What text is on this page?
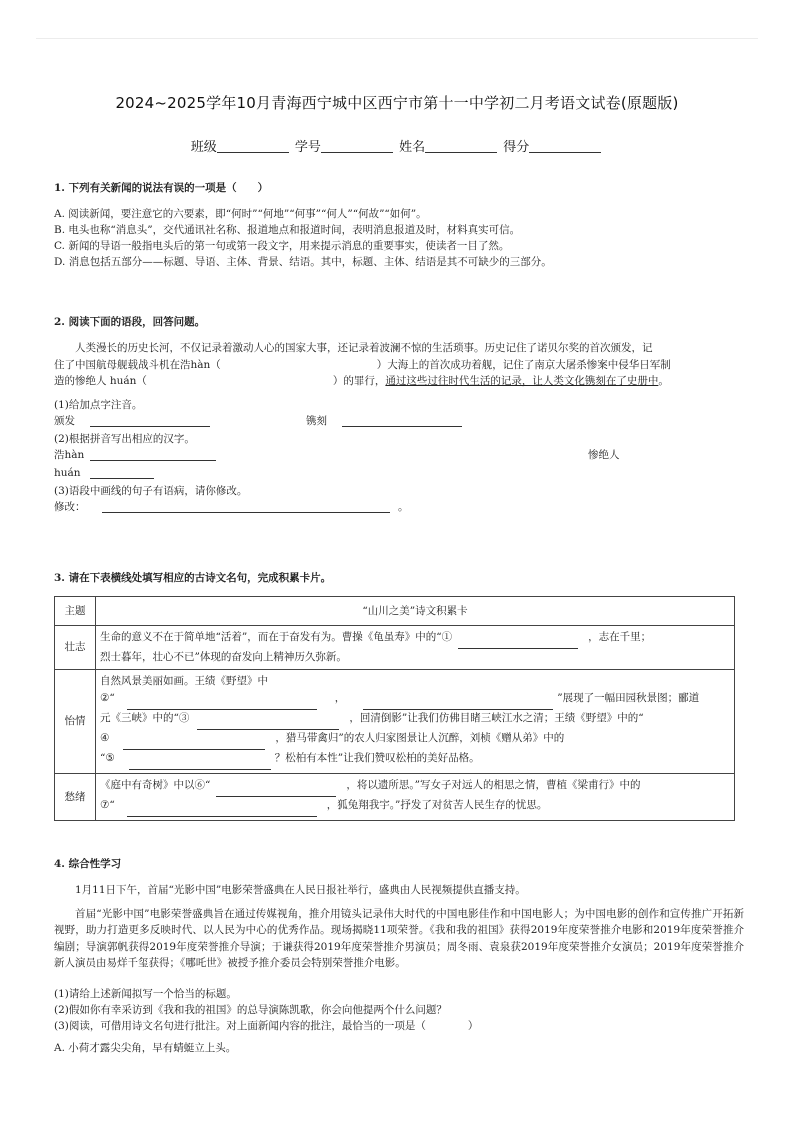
2024~2025学年10月青海西宁城中区西宁市第十一中学初二月考语文试卷(原题版)
班级	学号	姓名	得分

1. 下列有关新闻的说法有误的一项是（　　）

A. 阅读新闻，要注意它的六要素，即“何时”“何地”“何事”“何人”“何故”“如何”。

B. 电头也称“消息头”，交代通讯社名称、报道地点和报道时间，表明消息报道及时，材料真实可信。

C. 新闻的导语一般指电头后的第一句或第一段文字，用来提示消息的重要事实，使读者一目了然。

D. 消息包括五部分——标题、导语、主体、背景、结语。其中，标题、主体、结语是其不可缺少的三部分。

2. 阅读下面的语段，回答问题。

人类漫长的历史长河，不仅记录着激动人心的国家大事，还记录着波澜不惊的生活琐事。历史记住了诺贝尔奖的首次颁发，记

住了中国航母舰载战斗机在浩hàn（	）大海上的首次成功着舰，记住了南京大屠杀惨案中侵华日军制

造的惨绝人 huán（	）的罪行，通过这些过往时代生活的记录，让人类文化镌刻在了史册中。

(1)给加点字注音。

颁发	镌刻

(2)根据拼音写出相应的汉字。

浩hàn	惨绝人

huán

(3)语段中画线的句子有语病，请你修改。

修改：	。

3. 请在下表横线处填写相应的古诗文名句，完成积累卡片。

主题	“山川之美”诗文积累卡
壮志	生命的意义不在于简单地“活着”，而在于奋发有为。曹操《龟虽寿》中的“① ，志在千里；
烈士暮年，壮心不已”体现的奋发向上精神历久弥新。

怡情	自然风景美丽如画。王绩《野望》中
②“ ， ”展现了一幅田园秋景图；郦道
元《三峡》中的“③ ，回清倒影”让我们仿佛目睹三峡江水之清；王绩《野望》中的“
④ ，猎马带禽归”的农人归家图景让人沉醉，刘桢《赠从弟》中的
“⑤ ？松柏有本性”让我们赞叹松柏的美好品格。

愁绪	《庭中有奇树》中以⑥“ ，将以遗所思。”写女子对远人的相思之情，曹植《梁甫行》中的
⑦“ ，狐兔翔我宇。”抒发了对贫苦人民生存的忧思。

4. 综合性学习

1月11日下午，首届“光影中国”电影荣誉盛典在人民日报社举行，盛典由人民视频提供直播支持。

首届“光影中国”电影荣誉盛典旨在通过传媒视角，推介用镜头记录伟大时代的中国电影佳作和中国电影人；为中国电影的创作和宣传推广开拓新视野，助力打造更多反映时代、以人民为中心的优秀作品。现场揭晓11项荣誉。《我和我的祖国》获得2019年度荣誉推介电影和2019年度荣誉推介编剧；导演郭帆获得2019年度荣誉推介导演；于谦获得2019年度荣誉推介男演员；周冬雨、袁泉获2019年度荣誉推介女演员；2019年度荣誉推介新人演员由易烊千玺获得；《哪吒世》被授予推介委员会特别荣誉推介电影。

(1)请给上述新闻拟写一个恰当的标题。

(2)假如你有幸采访到《我和我的祖国》的总导演陈凯歌，你会向他提两个什么问题？

(3)阅读，可借用诗文名句进行批注。对上面新闻内容的批注，最恰当的一项是（　　　　）

A. 小荷才露尖尖角，早有蜻蜓立上头。
